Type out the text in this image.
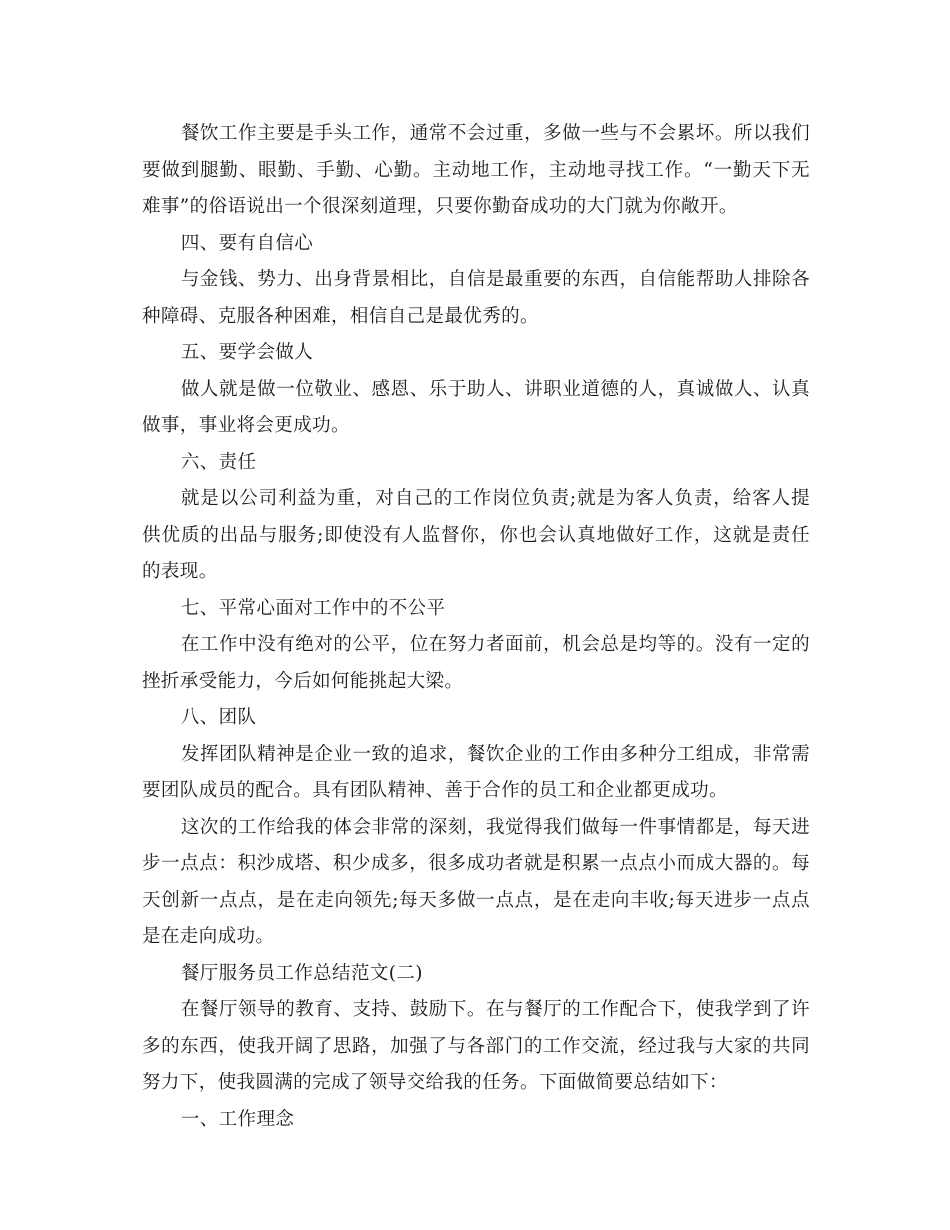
餐饮工作主要是手头工作，通常不会过重，多做一些与不会累坏。所以我们要做到腿勤、眼勤、手勤、心勤。主动地工作，主动地寻找工作。“一勤天下无难事”的俗语说出一个很深刻道理，只要你勤奋成功的大门就为你敞开。

四、要有自信心

与金钱、势力、出身背景相比，自信是最重要的东西，自信能帮助人排除各种障碍、克服各种困难，相信自己是最优秀的。

五、要学会做人

做人就是做一位敬业、感恩、乐于助人、讲职业道德的人，真诚做人、认真做事，事业将会更成功。

六、责任

就是以公司利益为重，对自己的工作岗位负责;就是为客人负责，给客人提供优质的出品与服务;即使没有人监督你，你也会认真地做好工作，这就是责任的表现。

七、平常心面对工作中的不公平

在工作中没有绝对的公平，位在努力者面前，机会总是均等的。没有一定的挫折承受能力，今后如何能挑起大梁。

八、团队

发挥团队精神是企业一致的追求，餐饮企业的工作由多种分工组成，非常需要团队成员的配合。具有团队精神、善于合作的员工和企业都更成功。

这次的工作给我的体会非常的深刻，我觉得我们做每一件事情都是，每天进步一点点：积沙成塔、积少成多，很多成功者就是积累一点点小而成大器的。每天创新一点点，是在走向领先;每天多做一点点，是在走向丰收;每天进步一点点是在走向成功。

餐厅服务员工作总结范文(二)

在餐厅领导的教育、支持、鼓励下。在与餐厅的工作配合下，使我学到了许多的东西，使我开阔了思路，加强了与各部门的工作交流，经过我与大家的共同努力下，使我圆满的完成了领导交给我的任务。下面做简要总结如下：

一、工作理念
